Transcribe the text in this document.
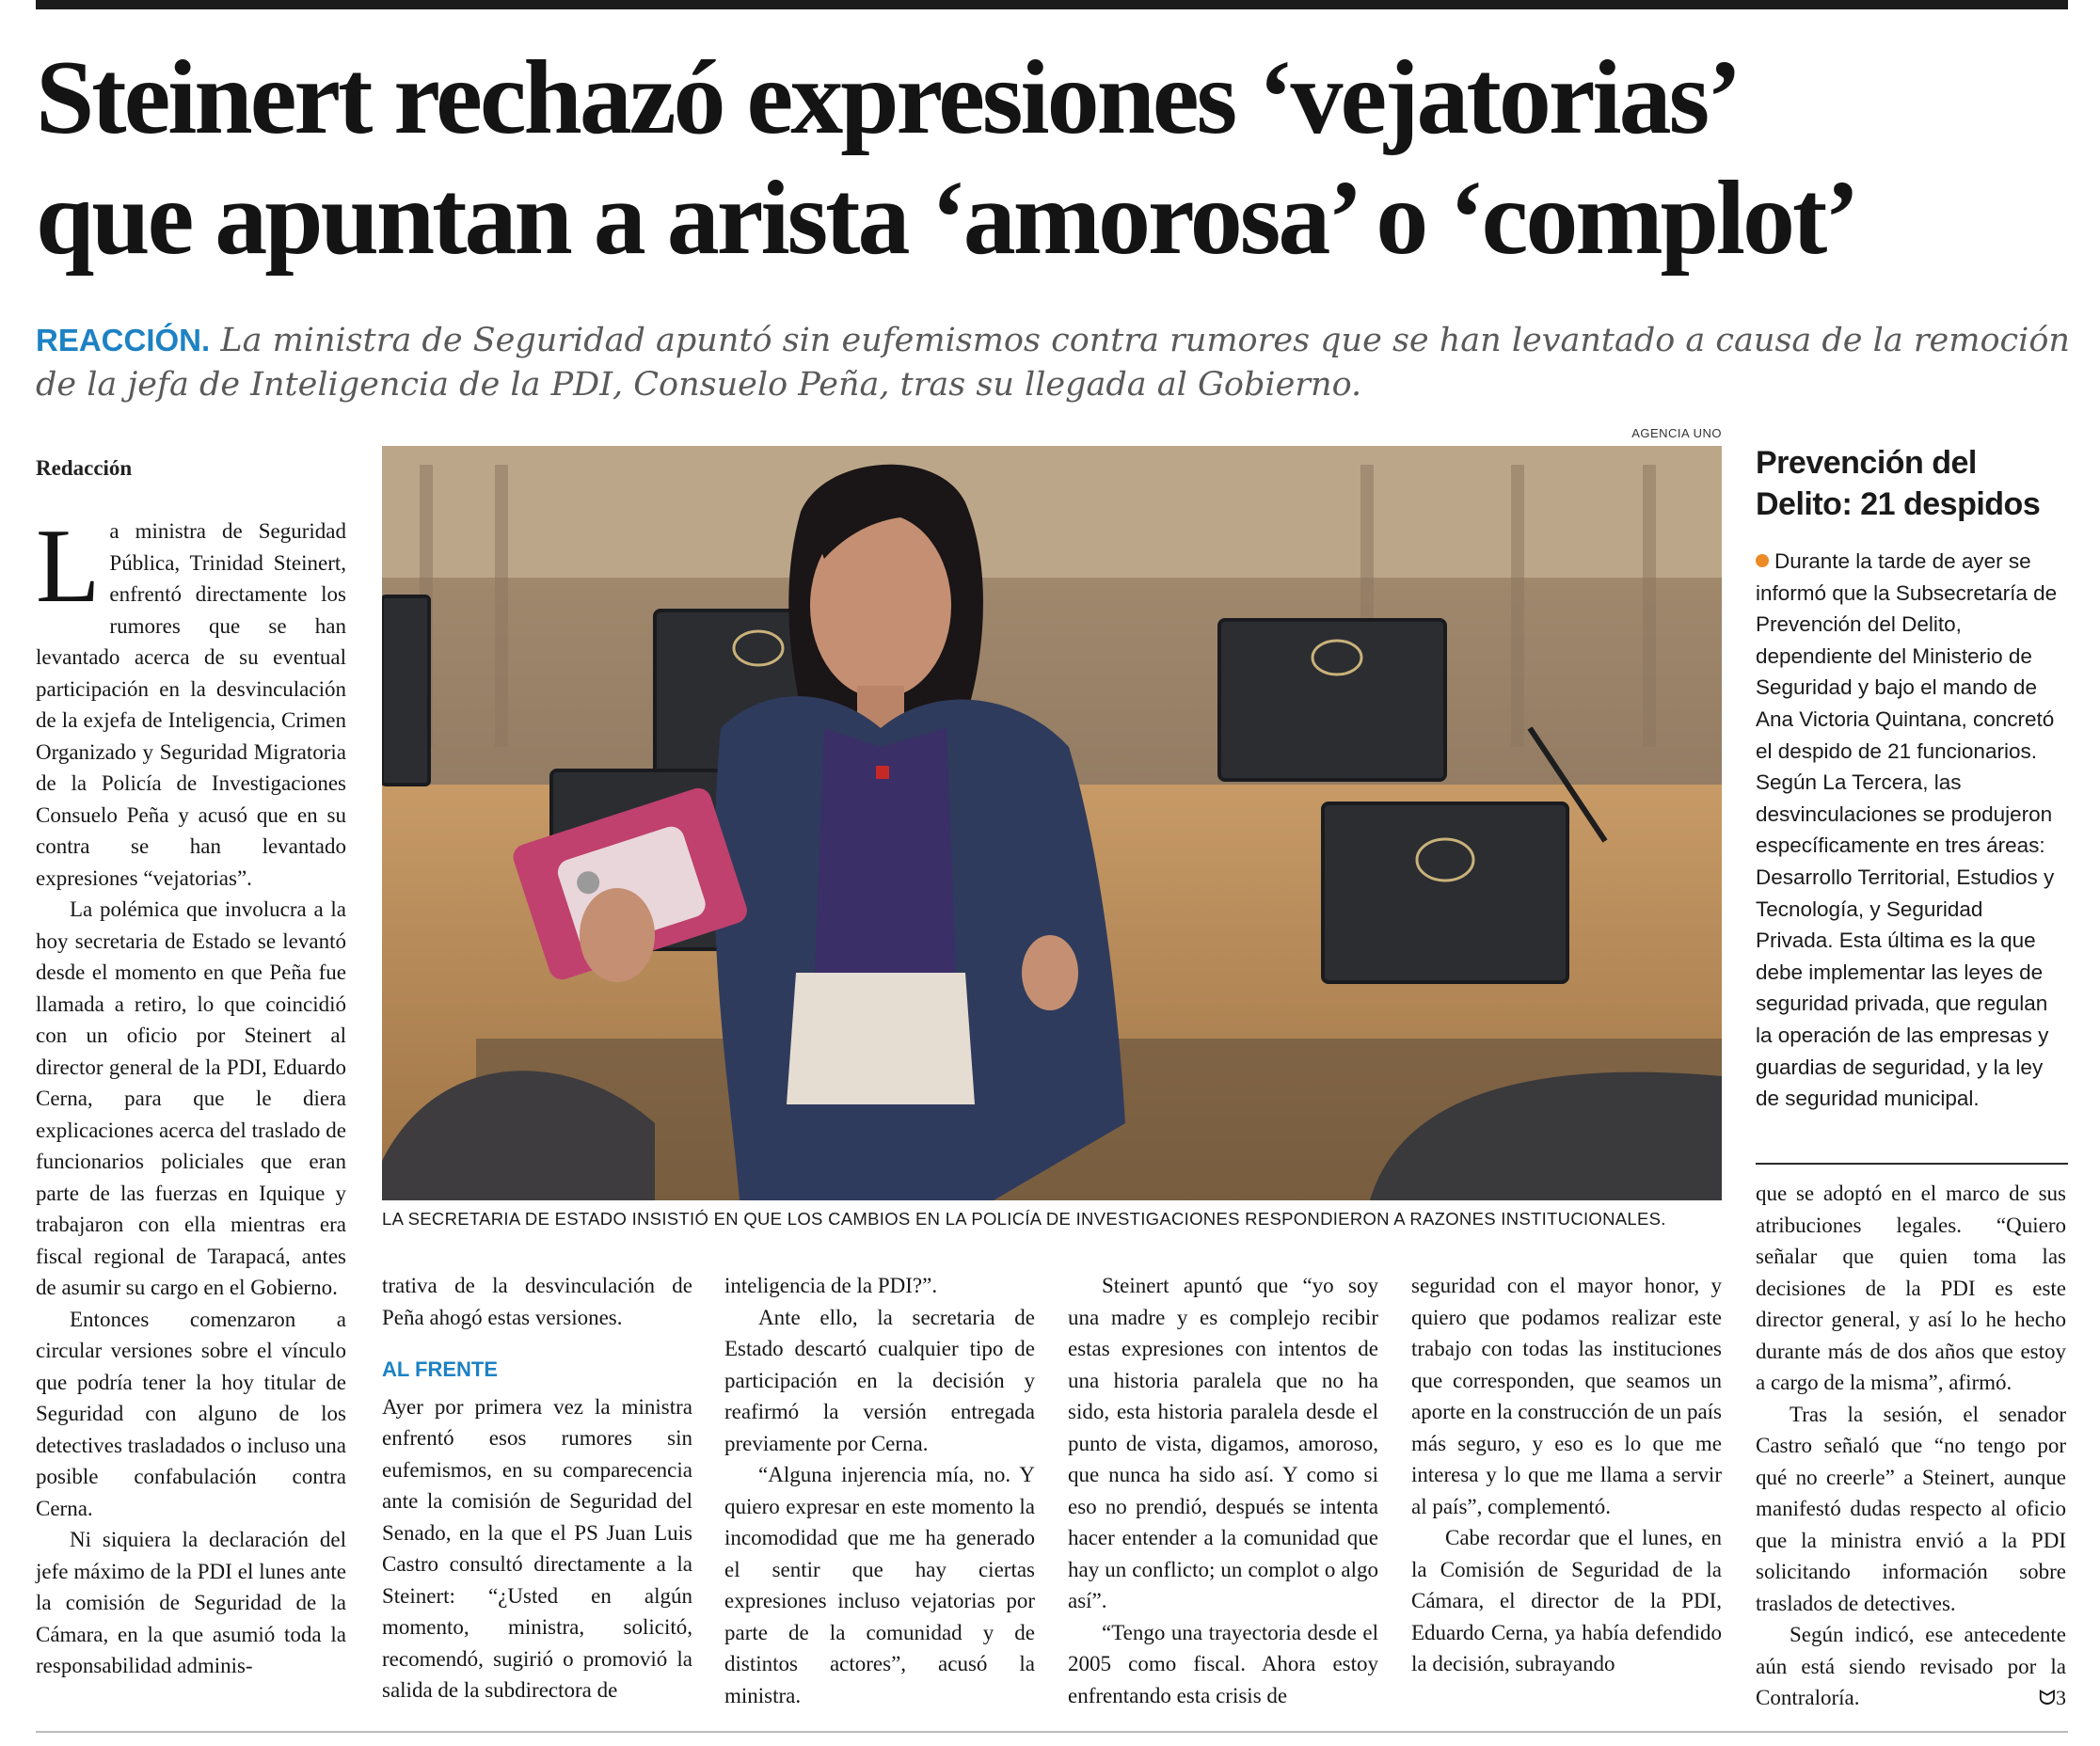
Steinert rechazó expresiones ‘vejatorias’
que apuntan a arista ‘amorosa’ o ‘complot’

REACCIÓN. La ministra de Seguridad apuntó sin eufemismos contra rumores que se han levantado a causa de la remoción de la jefa de Inteligencia de la PDI, Consuelo Peña, tras su llegada al Gobierno.

Redacción

La ministra de Seguridad Pública, Trinidad Steinert, enfrentó directamente los rumores que se han levantado acerca de su eventual participación en la desvinculación de la exjefa de Inteligencia, Crimen Organizado y Seguridad Migratoria de la Policía de Investigaciones Consuelo Peña y acusó que en su contra se han levantado expresiones “vejatorias”.

La polémica que involucra a la hoy secretaria de Estado se levantó desde el momento en que Peña fue llamada a retiro, lo que coincidió con un oficio por Steinert al director general de la PDI, Eduardo Cerna, para que le diera explicaciones acerca del traslado de funcionarios policiales que eran parte de las fuerzas en Iquique y trabajaron con ella mientras era fiscal regional de Tarapacá, antes de asumir su cargo en el Gobierno.

Entonces comenzaron a circular versiones sobre el vínculo que podría tener la hoy titular de Seguridad con alguno de los detectives trasladados o incluso una posible confabulación contra Cerna.

Ni siquiera la declaración del jefe máximo de la PDI el lunes ante la comisión de Seguridad de la Cámara, en la que asumió toda la responsabilidad adminis-

AGENCIA UNO
LA SECRETARIA DE ESTADO INSISTIÓ EN QUE LOS CAMBIOS EN LA POLICÍA DE INVESTIGACIONES RESPONDIERON A RAZONES INSTITUCIONALES.
Prevención del Delito: 21 despidos

Durante la tarde de ayer se informó que la Subsecretaría de Prevención del Delito, dependiente del Ministerio de Seguridad y bajo el mando de Ana Victoria Quintana, concretó el despido de 21 funcionarios. Según La Tercera, las desvinculaciones se produjeron específicamente en tres áreas: Desarrollo Territorial, Estudios y Tecnología, y Seguridad Privada. Esta última es la que debe implementar las leyes de seguridad privada, que regulan la operación de las empresas y guardias de seguridad, y la ley de seguridad municipal.

trativa de la desvinculación de Peña ahogó estas versiones.

AL FRENTE

Ayer por primera vez la ministra enfrentó esos rumores sin eufemismos, en su comparecencia ante la comisión de Seguridad del Senado, en la que el PS Juan Luis Castro consultó directamente a la Steinert: “¿Usted en algún momento, ministra, solicitó, recomendó, sugirió o promovió la salida de la subdirectora de

inteligencia de la PDI?”.

Ante ello, la secretaria de Estado descartó cualquier tipo de participación en la decisión y reafirmó la versión entregada previamente por Cerna.

“Alguna injerencia mía, no. Y quiero expresar en este momento la incomodidad que me ha generado el sentir que hay ciertas expresiones incluso vejatorias por parte de la comunidad y de distintos actores”, acusó la ministra.

Steinert apuntó que “yo soy una madre y es complejo recibir estas expresiones con intentos de una historia paralela que no ha sido, esta historia paralela desde el punto de vista, digamos, amoroso, que nunca ha sido así. Y como si eso no prendió, después se intenta hacer entender a la comunidad que hay un conflicto; un complot o algo así”.

“Tengo una trayectoria desde el 2005 como fiscal. Ahora estoy enfrentando esta crisis de

seguridad con el mayor honor, y quiero que podamos realizar este trabajo con todas las instituciones que corresponden, que seamos un aporte en la construcción de un país más seguro, y eso es lo que me interesa y lo que me llama a servir al país”, complementó.

Cabe recordar que el lunes, en la Comisión de Seguridad de la Cámara, el director de la PDI, Eduardo Cerna, ya había defendido la decisión, subrayando

que se adoptó en el marco de sus atribuciones legales. “Quiero señalar que quien toma las decisiones de la PDI es este director general, y así lo he hecho durante más de dos años que estoy a cargo de la misma”, afirmó.

Tras la sesión, el senador Castro señaló que “no tengo por qué no creerle” a Steinert, aunque manifestó dudas respecto al oficio que la ministra envió a la PDI solicitando información sobre traslados de detectives.

Según indicó, ese antecedente aún está siendo revisado por la Contraloría.	ᗢ3
